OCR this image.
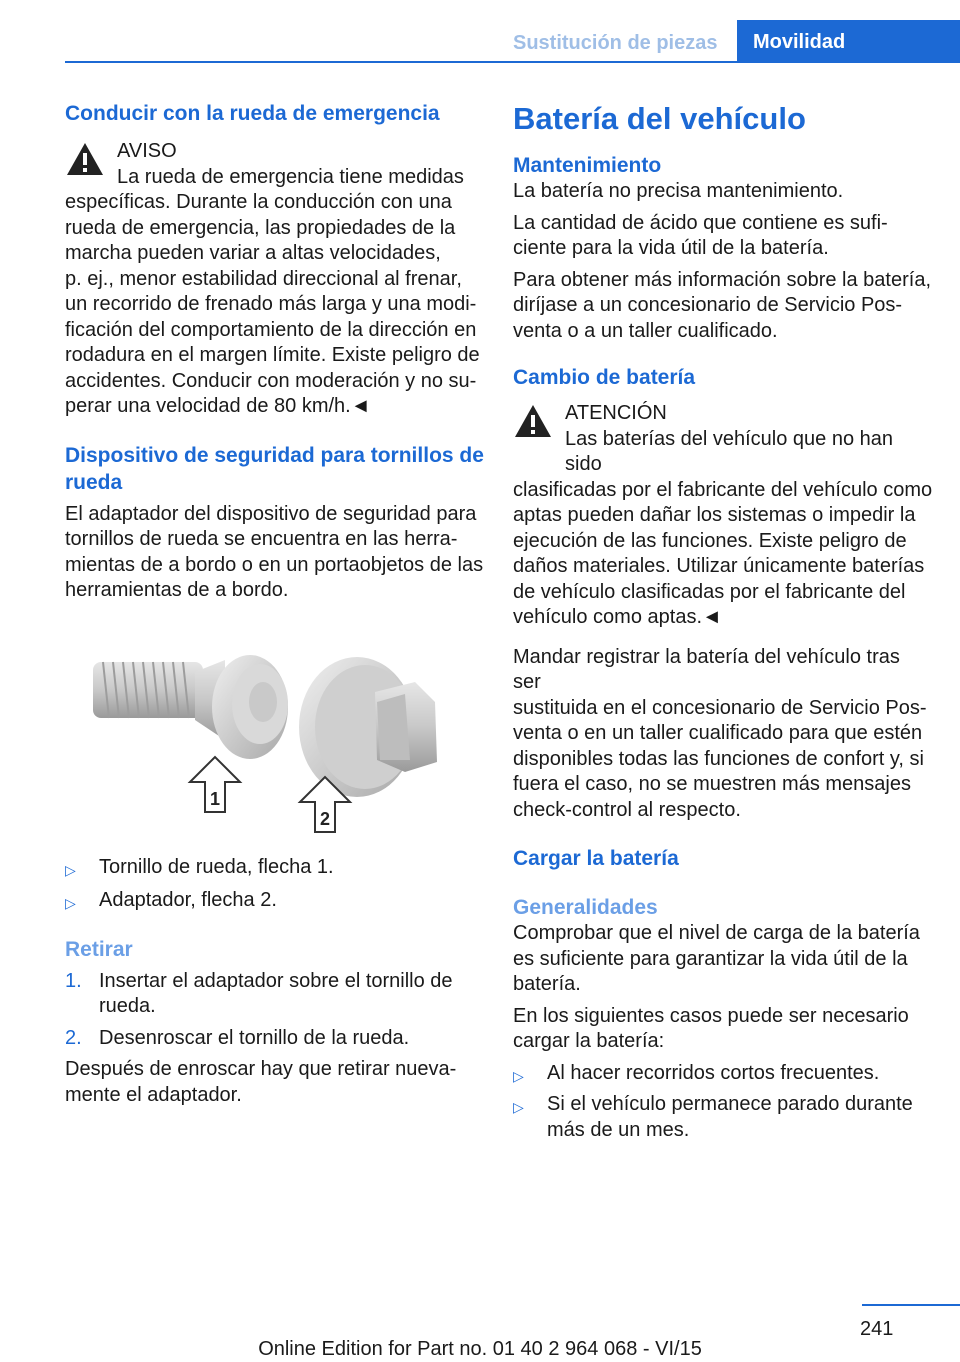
Sustitución de piezas	Movilidad
Conducir con la rueda de emergencia

AVISO

La rueda de emergencia tiene medidas

específicas. Durante la conducción con una

rueda de emergencia, las propiedades de la

marcha pueden variar a altas velocidades,

p. ej., menor estabilidad direccional al frenar,

un recorrido de frenado más larga y una modi‐

ficación del comportamiento de la dirección en

rodadura en el margen límite. Existe peligro de

accidentes. Conducir con moderación y no su‐

perar una velocidad de 80 km/h.◄

Dispositivo de seguridad para tornillos de rueda

El adaptador del dispositivo de seguridad para

tornillos de rueda se encuentra en las herra‐

mientas de a bordo o en un portaobjetos de las

herramientas de a bordo.

1
2
▷ Tornillo de rueda, flecha 1.
▷ Adaptador, flecha 2.
Retirar
1. Insertar el adaptador sobre el tornillo de
rueda.
2. Desenroscar el tornillo de la rueda.

Después de enroscar hay que retirar nueva‐

mente el adaptador.

Batería del vehículo
Mantenimiento

La batería no precisa mantenimiento.

La cantidad de ácido que contiene es sufi‐

ciente para la vida útil de la batería.

Para obtener más información sobre la batería,

diríjase a un concesionario de Servicio Pos‐

venta o a un taller cualificado.

Cambio de batería

ATENCIÓN

Las baterías del vehículo que no han sido

clasificadas por el fabricante del vehículo como

aptas pueden dañar los sistemas o impedir la

ejecución de las funciones. Existe peligro de

daños materiales. Utilizar únicamente baterías

de vehículo clasificadas por el fabricante del

vehículo como aptas.◄

Mandar registrar la batería del vehículo tras ser

sustituida en el concesionario de Servicio Pos‐

venta o en un taller cualificado para que estén

disponibles todas las funciones de confort y, si

fuera el caso, no se muestren más mensajes

check-control al respecto.

Cargar la batería
Generalidades

Comprobar que el nivel de carga de la batería

es suficiente para garantizar la vida útil de la

batería.

En los siguientes casos puede ser necesario

cargar la batería:

▷ Al hacer recorridos cortos frecuentes.
▷ Si el vehículo permanece parado durante
más de un mes.
241
Online Edition for Part no. 01 40 2 964 068 - VI/15
